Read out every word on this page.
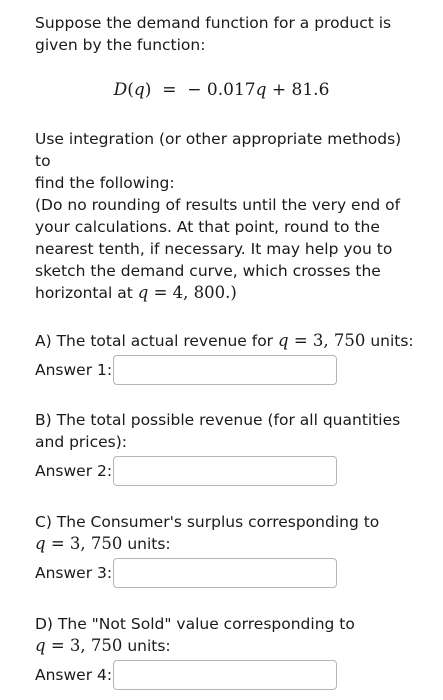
Suppose the demand function for a product is
given by the function:
D(q) = − 0.017q + 81.6
Use integration (or other appropriate methods) to
find the following:
(Do no rounding of results until the very end of
your calculations. At that point, round to the
nearest tenth, if necessary. It may help you to
sketch the demand curve, which crosses the
horizontal at q = 4, 800.)
A) The total actual revenue for q = 3, 750 units:
Answer 1:
B) The total possible revenue (for all quantities
and prices):
Answer 2:
C) The Consumer's surplus corresponding to
q = 3, 750 units:
Answer 3:
D) The "Not Sold" value corresponding to
q = 3, 750 units:
Answer 4:
